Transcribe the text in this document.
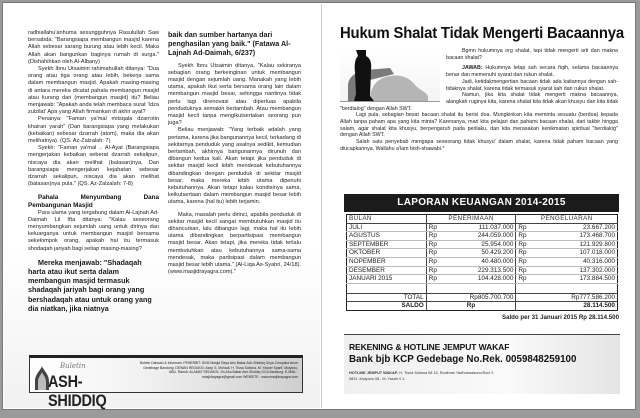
radhiallahu'anhuma sesungguhnya Rasulullah Saw bersabda: "Barangsiapa membangun masjid karena Allah sebesar sarang burung atau lebih kecil. Maka Allah akan bangunkan baginya rumah di surga." (Dishahihkan oleh Al-Albany)

Syekh Ibnu Utsaimin rahimahullah ditanya: "Dua orang atau tiga orang atau lebih, bekerja sama dalam membangun masjid. Apakah masing-masing di antara mereka dicatat pahala membangun masjid atau kurang dari (membangun masjid) itu? Beliau menjawab: "Apakah anda telah membaca surat 'Idza zulzilat' Apa yang Allah firmankan di akhir ayat?

Penanya: "Faman ya'mal mitsqala dzarrotin khairan yarah" (Dan barangsiapa yang melakukan (kebaikan) sebesar dzarrah (atom), maka dia akan melihatnya). (QS. Az-Zalzalah: 7)

Syekh: "Faman ya'mal .. Al-Ayat (Barangsiapa mengerjakan kebaikan seberat dzarrah sekalipun, niscaya dia akan melihat (balasan)nya. Dan barangsiapa mengerjakan kejahatan sebesar dzarrah sekalipun, niscaya dia akan melihat (balasan)nya pula." (QS. Az-Zalzalah: 7-8)

Pahala Menyumbang Dana Pembangunan Masjid

Para ulama yang tergabung dalam Al-Lajnah Ad-Daimah Lil Ifta ditanya: "Kalau seseorang menyumbangkan sejumlah uang untuk dirinya dan keluarganya untuk membangun masjid bersama sekelompok orang, apakah hal itu termasuk shodaqah jariyah bagi setiap masing-masing?

Mereka menjawab: "Shadaqah harta atau ikut serta dalam membangun masjid termasuk shadaqah jariyah bagi orang yang bershadaqah atau untuk orang yang dia niatkan, jika niatnya

baik dan sumber hartanya dari penghasilan yang baik." (Fatawa Al-Lajnah Ad-Daimah, 6/237)

Syekh Ibnu Utsaimin ditanya, "Kalau sekiranya sebagian orang berkeinginan untuk membangun masjid dengan sejumlah uang. Manakah yang lebih utama, apakah ikut serta bersama orang lain dalam membangun masjid besar, sehingga nantinya tidak perlu lagi direnovasi atau diperluas apabila penduduknya semakin bertambah. Atau membangun masjid kecil tanpa mengikutsertakan seorang pun juga?

Beliau menjawab: "Yang terbaik adalah yang pertama, karena jika bangunannya kecil, terkadang di sekitarnya penduduk yang asalnya sedikit, kemudian bertambah, akhirnya bangunannya dirunuh dan dibangun kedua kali. Akan tetapi jika penduduk di sekitar masjid kecil lebih mendesak kebutuhannya dibandingkan dengan penduduk di sekitar masjid besar, maka mereka lebih utama dipenuhi kebutuhannya. Akan tetapi kalau kondisinya sama, keikutsertaan dalam membangun masjid besar lebih utama, karena (hal itu) lebih terjamin.

Maka, masalah perlu dirinci, apabila penduduk di sekitar masjid kecil sangat membutuhkan masjid itu dihancurkan, lalu dibangun lagi, maka hal itu lebih utama dibandingkan berpartisipasi membangun masjid besar. Akan tetapi, jika mereka tidak terlalu membutuhkan atau kebutuhannya sama-sama mendesak, maka partisipasi dalam membangun masjid besar lebih utama." (Al-Liqa As-Syahri, 24/18). (www.masjidrayagra.com)."

Buletin
ASH-SHIDDIQ
Buletin Dakwah & Informasi. PENERBIT: DKM Masjid Raya Abu Bakar Ash-Shiddiq Griya Cempaka Arum Gedebage Bandung. DEWAN REDAKSI: Asep S. Mohadi, H. Tisna Sutisna, M. Yasser Syarif, Mulyono, ABU. Ramdi. ALAMAT REDAKSI: Jln.Abu Bakar Ash-Shiddiq GCA Bandung. E-MAIL : masjidrayagra@gmail.com WEBSITE : www.masjidrayagra.com
Hukum Shalat Tidak Mengerti Bacaannya

Bgmn hukumnya org shalat, tapi tidak mengerti arti dan makna bacaan shalat?

JAWAB: Hukumnya tetap sah secara fiqih, selama bacaannya benar dan memenuhi syarat dan rukun shalat.

Jadi, ketidakmengertian bacaan tidak ada kaitannya dengan sah-tidaknya shalat, karena tidak termasuk syarat sah dan rukun shalat.

Namun, jika kita shalat tidak mengerti makna bacaannya, alangkah ruginya kita, karena shalat kita tidak akan khusyu dan kita tidak "berdialog" dengan Allah SWT.

Lagi pula, sebagian besar bacaan shalat itu berisi doa. Mungkinkan kita meminta sesuatu (berdoa) kepada Allah tanpa paham apa yang kita minta? Karenanya, mari kita pelajari dan pahami bacaan shalat, dari takbir hingga salam, agar shalat kita khusyu, berpengaruh pada perilaku, dan kita merasakan kenikmatan spiritual "berdialog" dengan Allah SWT.

Salah satu penyebab mengapa seseorang tidak khusyu' dalam shalat, karena tidak paham bacaan yang diucapkannya. Wallahu a'lam bish-shawabi.*

LAPORAN KEUANGAN 2014-2015
BULAN	PENERIMAAN		PENGELUARAN	
JULI	Rp	111.037.000	Rp	23.667.200
AGUSTUS	Rp	244.059.000	Rp	173.468.700
SEPTEMBER	Rp	25.954.000	Rp	121.929.800
OKTOBER	Rp	50.429.200	Rp	107.018.000
NOPEMBER	Rp	40.480.000	Rp	40.316.000
DESEMBER	Rp	229.313.500	Rp	137.302.000
JANUARI 2015	Rp	104.428.000	Rp	173.884.500

TOTAL	Rp805.700.700		Rp777.586.200	
SALDO	Rp		28.114.500	
Saldo per 31 Januari 2015 Rp 28.114.500
REKENING & HOTLINE JEMPUT WAKAF
Bank bjb KCP Gedebage No.Rek. 0059848259100
HOTLINE JEMPUT WAKAF: H. Tisna Sutisna 08 16, Rodiman Yadhoswasono/Soni 0
0831, Mulyono 08 , M. Yasair 0 1.
